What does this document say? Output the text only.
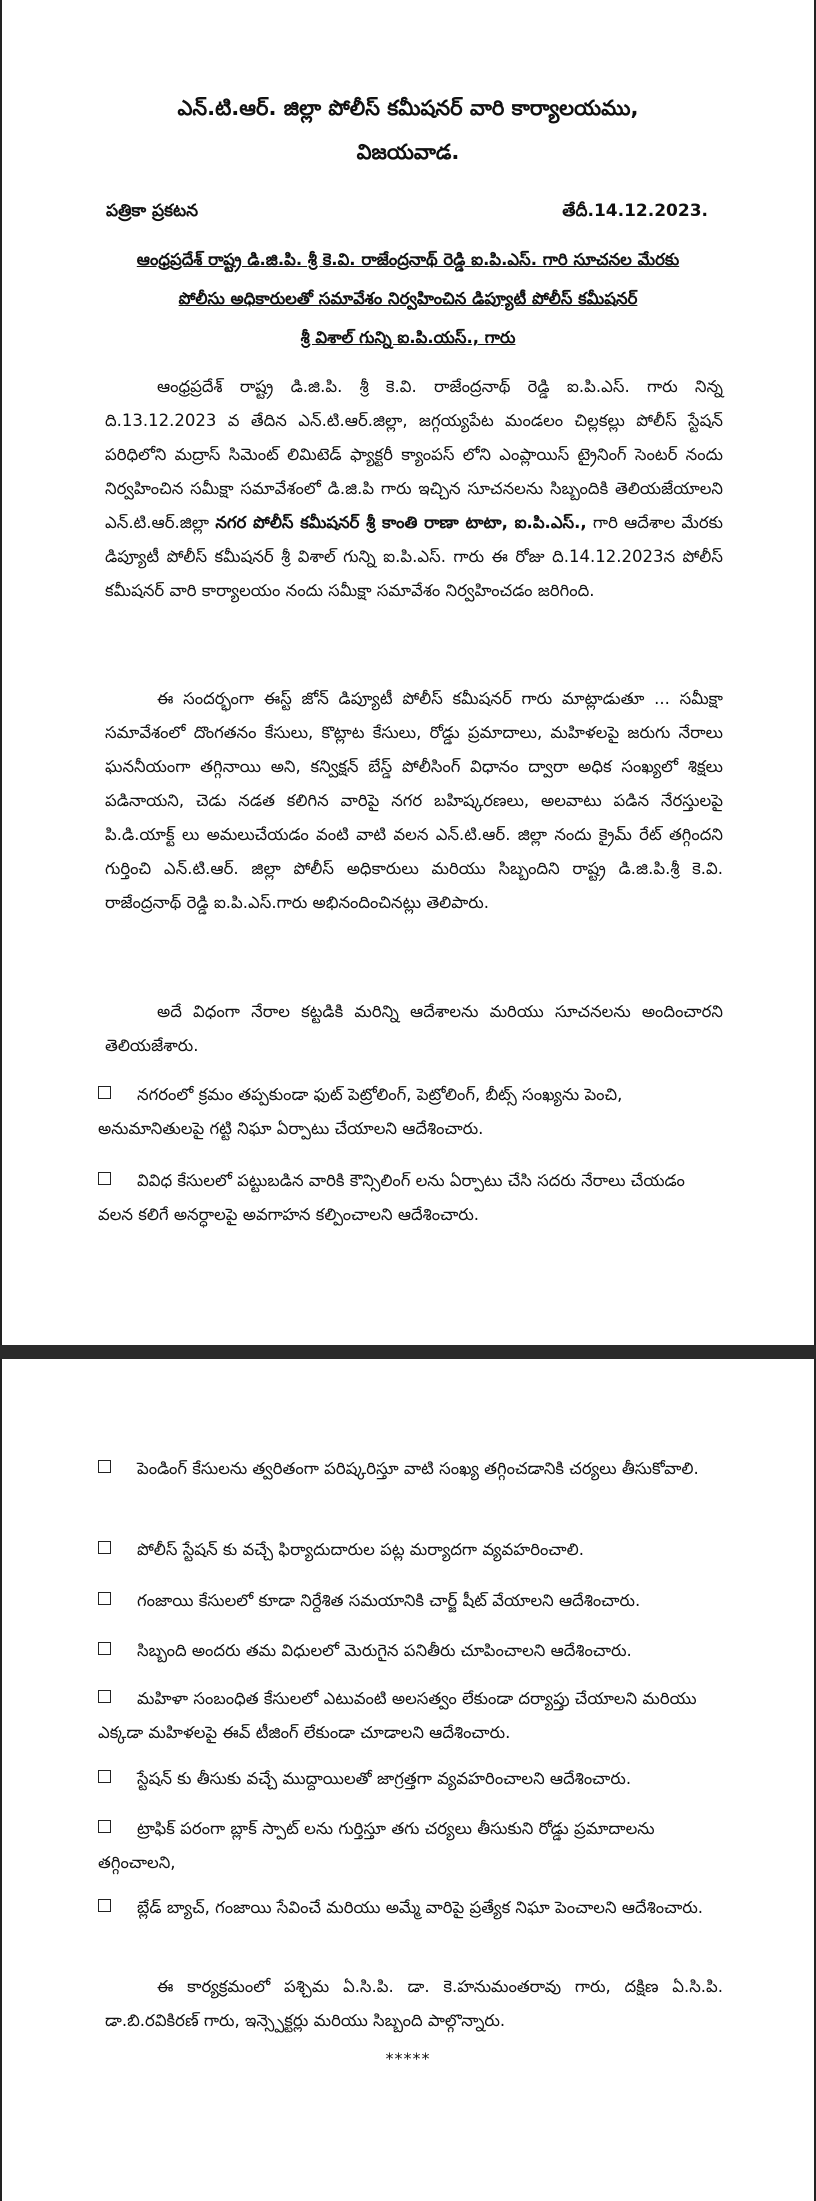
ఎన్.టి.ఆర్. జిల్లా పోలీస్ కమీషనర్ వారి కార్యాలయము,
విజయవాడ.
పత్రికా ప్రకటన	తేదీ.14.12.2023.
ఆంధ్రప్రదేశ్ రాష్ట్ర డి.జి.పి. శ్రీ కె.వి. రాజేంద్రనాథ్ రెడ్డి ఐ.పి.ఎస్. గారి సూచనల మేరకు
పోలీసు అధికారులతో సమావేశం నిర్వహించిన డిప్యూటీ పోలీస్ కమీషనర్
శ్రీ విశాల్ గున్ని ఐ.పి.యస్., గారు

ఆంధ్రప్రదేశ్ రాష్ట్ర డి.జి.పి. శ్రీ కె.వి. రాజేంద్రనాథ్ రెడ్డి ఐ.పి.ఎస్. గారు నిన్న ది.13.12.2023 వ తేదిన ఎన్.టి.ఆర్.జిల్లా, జగ్గయ్యపేట మండలం చిల్లకల్లు పోలీస్ స్టేషన్ పరిధిలోని మద్రాస్ సిమెంట్ లిమిటెడ్ ఫ్యాక్టరీ క్యాంపస్ లోని ఎంప్లాయిస్ ట్రైనింగ్ సెంటర్ నందు నిర్వహించిన సమీక్షా సమావేశంలో డి.జి.పి గారు ఇచ్చిన సూచనలను సిబ్బందికి తెలియజేయాలని ఎన్.టి.ఆర్.జిల్లా నగర పోలీస్ కమీషనర్ శ్రీ కాంతి రాణా టాటా, ఐ.పి.ఎస్., గారి ఆదేశాల మేరకు డిప్యూటీ పోలీస్ కమీషనర్ శ్రీ విశాల్ గున్ని ఐ.పి.ఎస్. గారు ఈ రోజు ది.14.12.2023న పోలీస్ కమీషనర్ వారి కార్యాలయం నందు సమీక్షా సమావేశం నిర్వహించడం జరిగింది.

ఈ సందర్భంగా ఈస్ట్ జోన్ డిప్యూటీ పోలీస్ కమీషనర్ గారు మాట్లాడుతూ ... సమీక్షా సమావేశంలో దొంగతనం కేసులు, కొట్లాట కేసులు, రోడ్డు ప్రమాదాలు, మహిళలపై జరుగు నేరాలు ఘననీయంగా తగ్గినాయి అని, కన్విక్షన్ బేస్డ్ పోలీసింగ్ విధానం ద్వారా అధిక సంఖ్యలో శిక్షలు పడినాయని, చెడు నడత కలిగిన వారిపై నగర బహిష్కరణలు, అలవాటు పడిన నేరస్తులపై పి.డి.యాక్ట్ లు అమలుచేయడం వంటి వాటి వలన ఎన్.టి.ఆర్. జిల్లా నందు క్రైమ్ రేట్ తగ్గిందని గుర్తించి ఎన్.టి.ఆర్. జిల్లా పోలీస్ అధికారులు మరియు సిబ్బందిని రాష్ట్ర డి.జి.పి.శ్రీ కె.వి. రాజేంద్రనాథ్ రెడ్డి ఐ.పి.ఎస్.గారు అభినందించినట్లు తెలిపారు.

అదే విధంగా నేరాల కట్టడికి మరిన్ని ఆదేశాలను మరియు సూచనలను అందించారని తెలియజేశారు.

నగరంలో క్రమం తప్పకుండా ఫుట్ పెట్రోలింగ్, పెట్రోలింగ్, బీట్స్ సంఖ్యను పెంచి, అనుమానితులపై గట్టి నిఘా ఏర్పాటు చేయాలని ఆదేశించారు.

వివిధ కేసులలో పట్టుబడిన వారికి కౌన్సిలింగ్ లను ఏర్పాటు చేసి సదరు నేరాలు చేయడం వలన కలిగే అనర్ధాలపై అవగాహన కల్పించాలని ఆదేశించారు.

పెండింగ్ కేసులను త్వరితంగా పరిష్కరిస్తూ వాటి సంఖ్య తగ్గించడానికి చర్యలు తీసుకోవాలి.

పోలీస్ స్టేషన్ కు వచ్చే ఫిర్యాదుదారుల పట్ల మర్యాదగా వ్యవహరించాలి.

గంజాయి కేసులలో కూడా నిర్దేశిత సమయానికి చార్జ్ షీట్ వేయాలని ఆదేశించారు.

సిబ్బంది అందరు తమ విధులలో మెరుగైన పనితీరు చూపించాలని ఆదేశించారు.

మహిళా సంబంధిత కేసులలో ఎటువంటి అలసత్వం లేకుండా దర్యాప్తు చేయాలని మరియు ఎక్కడా మహిళలపై ఈవ్ టీజింగ్ లేకుండా చూడాలని ఆదేశించారు.

స్టేషన్ కు తీసుకు వచ్చే ముద్దాయిలతో జాగ్రత్తగా వ్యవహరించాలని ఆదేశించారు.

ట్రాఫిక్ పరంగా బ్లాక్ స్పాట్ లను గుర్తిస్తూ తగు చర్యలు తీసుకుని రోడ్డు ప్రమాదాలను తగ్గించాలని,

బ్లేడ్ బ్యాచ్, గంజాయి సేవించే మరియు అమ్మే వారిపై ప్రత్యేక నిఘా పెంచాలని ఆదేశించారు.

ఈ కార్యక్రమంలో పశ్చిమ ఏ.సి.పి. డా. కె.హనుమంతరావు గారు, దక్షిణ ఏ.సి.పి. డా.బి.రవికిరణ్ గారు, ఇన్స్పెక్టర్లు మరియు సిబ్బంది పాల్గొన్నారు.

*****
